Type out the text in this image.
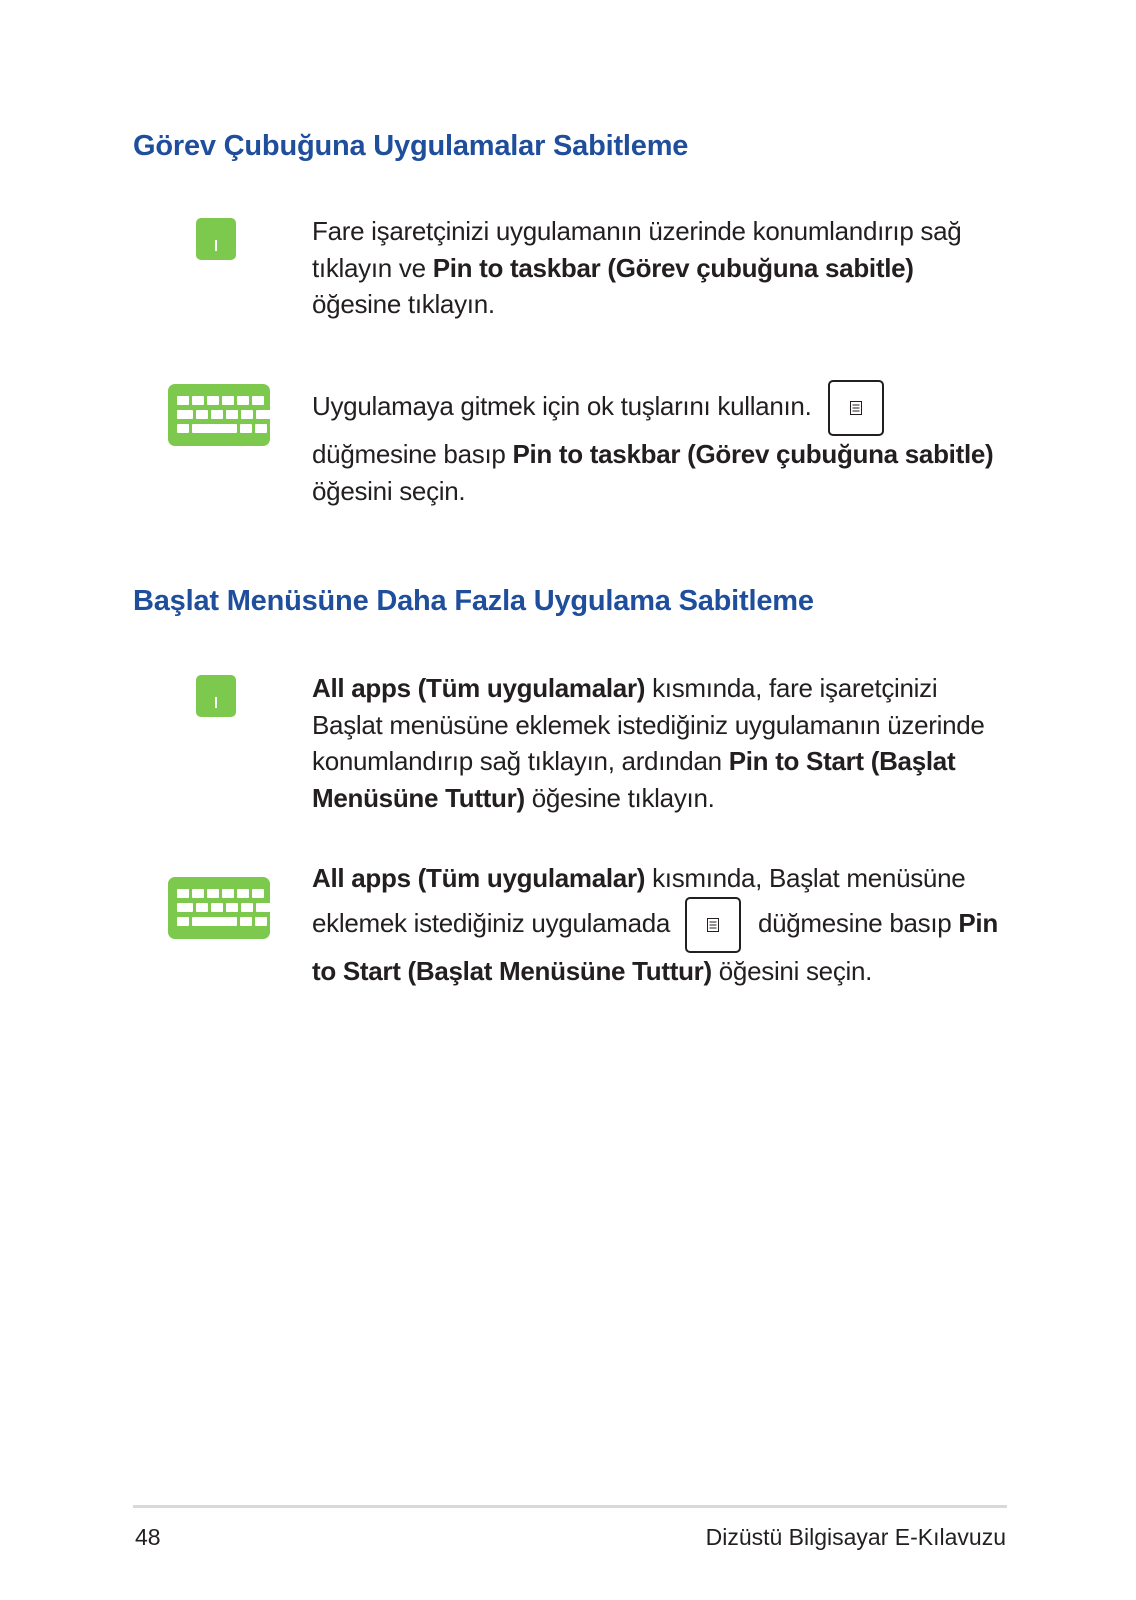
Görev Çubuğuna Uygulamalar Sabitleme

Fare işaretçinizi uygulamanın üzerinde konumlandırıp sağ tıklayın ve Pin to taskbar (Görev çubuğuna sabitle) öğesine tıklayın.

Uygulamaya gitmek için ok tuşlarını kullanın.

düğmesine basıp Pin to taskbar (Görev çubuğuna sabitle) öğesini seçin.

Başlat Menüsüne Daha Fazla Uygulama Sabitleme

All apps (Tüm uygulamalar) kısmında, fare işaretçinizi Başlat menüsüne eklemek istediğiniz uygulamanın üzerinde konumlandırıp sağ tıklayın, ardından Pin to Start (Başlat Menüsüne Tuttur) öğesine tıklayın.

All apps (Tüm uygulamalar) kısmında, Başlat menüsüne eklemek istediğiniz uygulamada	düğmesine basıp Pin to Start (Başlat Menüsüne Tuttur) öğesini seçin.

48	Dizüstü Bilgisayar E-Kılavuzu
